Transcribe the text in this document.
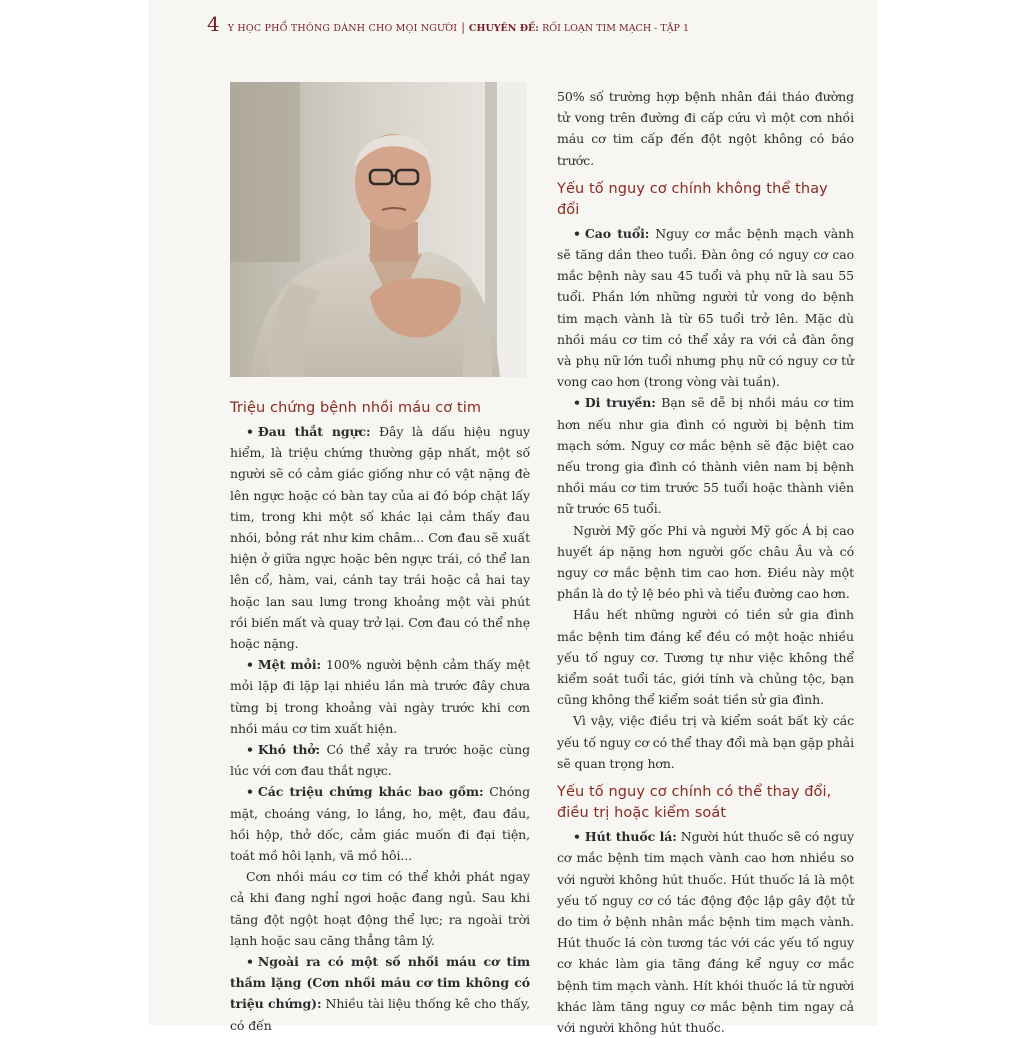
4 Y HỌC PHỔ THÔNG DÀNH CHO MỌI NGƯỜI | CHUYÊN ĐỀ: RỐI LOẠN TIM MẠCH - TẬP 1
Triệu chứng bệnh nhồi máu cơ tim

• Đau thắt ngực: Đây là dấu hiệu nguy hiểm, là triệu chứng thường gặp nhất, một số người sẽ có cảm giác giống như có vật nặng đè lên ngực hoặc có bàn tay của ai đó bóp chặt lấy tim, trong khi một số khác lại cảm thấy đau nhói, bỏng rát như kim châm... Cơn đau sẽ xuất hiện ở giữa ngực hoặc bên ngực trái, có thể lan lên cổ, hàm, vai, cánh tay trái hoặc cả hai tay hoặc lan sau lưng trong khoảng một vài phút rồi biến mất và quay trở lại. Cơn đau có thể nhẹ hoặc nặng.

• Mệt mỏi: 100% người bệnh cảm thấy mệt mỏi lặp đi lặp lại nhiều lần mà trước đây chưa từng bị trong khoảng vài ngày trước khi cơn nhồi máu cơ tim xuất hiện.

• Khó thở: Có thể xảy ra trước hoặc cùng lúc với cơn đau thắt ngực.

• Các triệu chứng khác bao gồm: Chóng mặt, choáng váng, lo lắng, ho, mệt, đau đầu, hồi hộp, thở dốc, cảm giác muốn đi đại tiện, toát mồ hôi lạnh, vã mồ hôi...

Cơn nhồi máu cơ tim có thể khởi phát ngay cả khi đang nghỉ ngơi hoặc đang ngủ. Sau khi tăng đột ngột hoạt động thể lực; ra ngoài trời lạnh hoặc sau căng thẳng tâm lý.

• Ngoài ra có một số nhồi máu cơ tim thầm lặng (Cơn nhồi máu cơ tim không có triệu chứng): Nhiều tài liệu thống kê cho thấy, có đến

50% số trường hợp bệnh nhân đái tháo đường tử vong trên đường đi cấp cứu vì một cơn nhồi máu cơ tim cấp đến đột ngột không có báo trước.

Yếu tố nguy cơ chính không thể thay đổi

• Cao tuổi: Nguy cơ mắc bệnh mạch vành sẽ tăng dần theo tuổi. Đàn ông có nguy cơ cao mắc bệnh này sau 45 tuổi và phụ nữ là sau 55 tuổi. Phần lớn những người tử vong do bệnh tim mạch vành là từ 65 tuổi trở lên. Mặc dù nhồi máu cơ tim có thể xảy ra với cả đàn ông và phụ nữ lớn tuổi nhưng phụ nữ có nguy cơ tử vong cao hơn (trong vòng vài tuần).

• Di truyền: Bạn sẽ dễ bị nhồi máu cơ tim hơn nếu như gia đình có người bị bệnh tim mạch sớm. Nguy cơ mắc bệnh sẽ đặc biệt cao nếu trong gia đình có thành viên nam bị bệnh nhồi máu cơ tim trước 55 tuổi hoặc thành viên nữ trước 65 tuổi.

Người Mỹ gốc Phi và người Mỹ gốc Á bị cao huyết áp nặng hơn người gốc châu Âu và có nguy cơ mắc bệnh tim cao hơn. Điều này một phần là do tỷ lệ béo phì và tiểu đường cao hơn.

Hầu hết những người có tiền sử gia đình mắc bệnh tim đáng kể đều có một hoặc nhiều yếu tố nguy cơ. Tương tự như việc không thể kiểm soát tuổi tác, giới tính và chủng tộc, bạn cũng không thể kiểm soát tiền sử gia đình.

Vì vậy, việc điều trị và kiểm soát bất kỳ các yếu tố nguy cơ có thể thay đổi mà bạn gặp phải sẽ quan trọng hơn.

Yếu tố nguy cơ chính có thể thay đổi, điều trị hoặc kiểm soát

• Hút thuốc lá: Người hút thuốc sẽ có nguy cơ mắc bệnh tim mạch vành cao hơn nhiều so với người không hút thuốc. Hút thuốc lá là một yếu tố nguy cơ có tác động độc lập gây đột tử do tim ở bệnh nhân mắc bệnh tim mạch vành. Hút thuốc lá còn tương tác với các yếu tố nguy cơ khác làm gia tăng đáng kể nguy cơ mắc bệnh tim mạch vành. Hít khói thuốc lá từ người khác làm tăng nguy cơ mắc bệnh tim ngay cả với người không hút thuốc.
